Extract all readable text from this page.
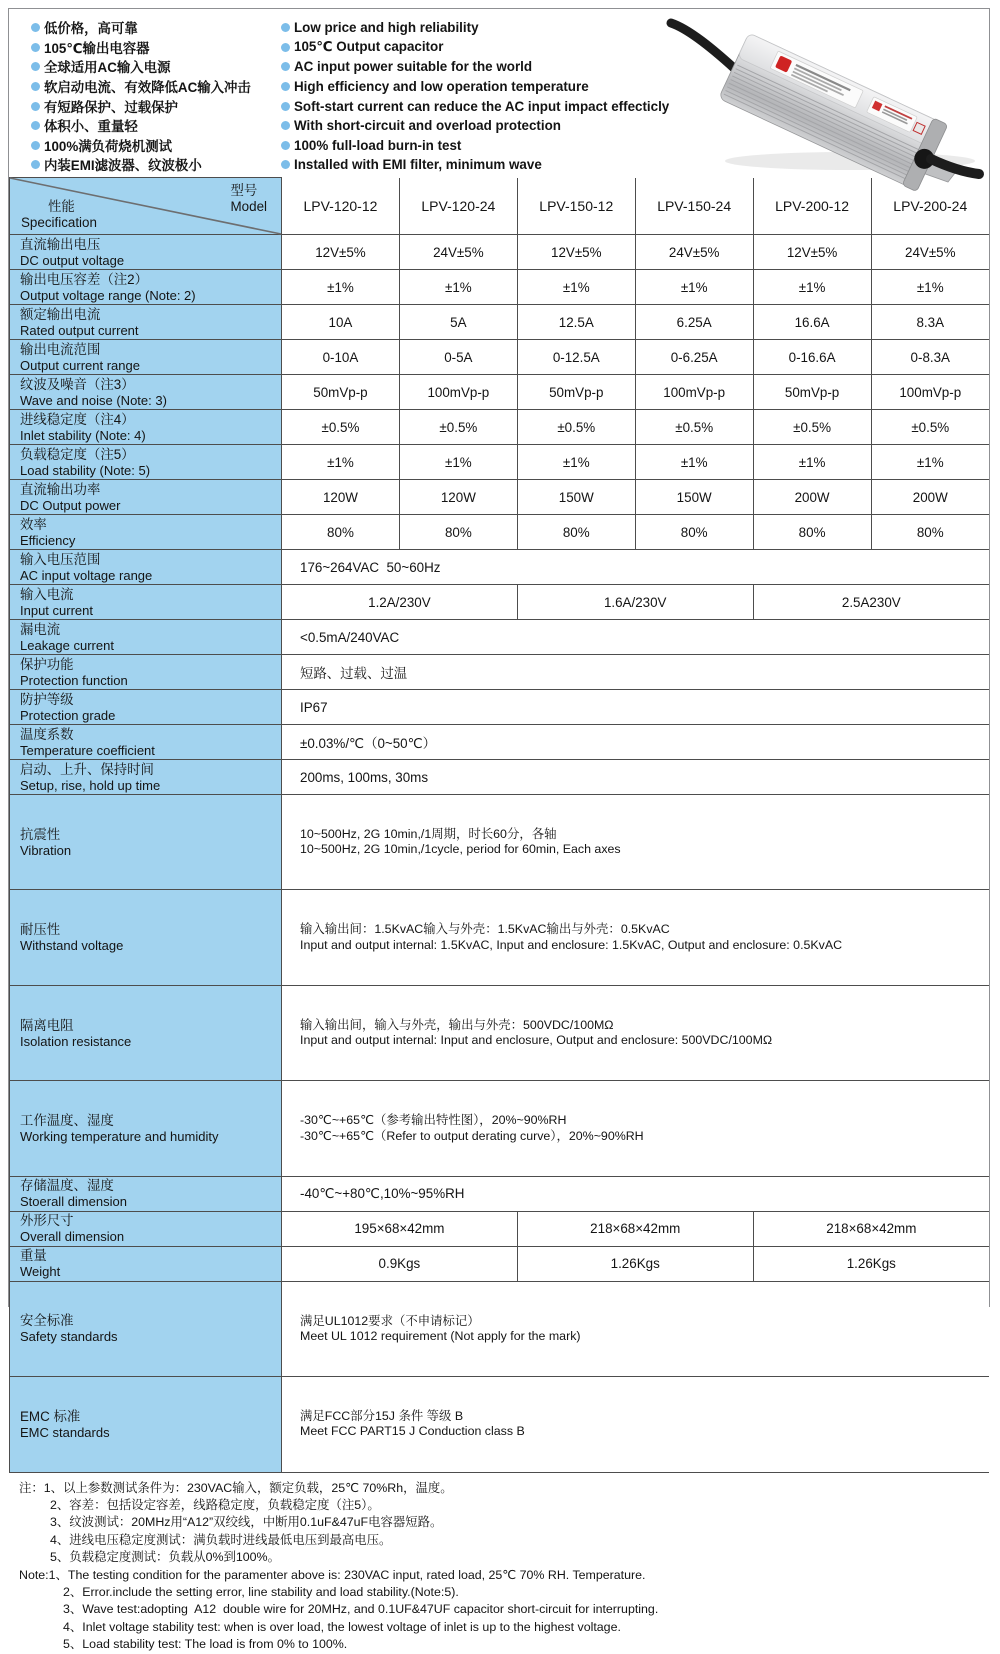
低价格，高可靠
105℃输出电容器
全球适用AC输入电源
软启动电流、有效降低AC输入冲击
有短路保护、过载保护
体积小、重量轻
100%满负荷烧机测试
内装EMI滤波器、纹波极小
Low price and high reliability
105℃ Output capacitor
AC input power suitable for the world
High efficiency and low operation temperature
Soft-start current can reduce the AC input impact effecticly
With short-circuit and overload protection
100% full-load burn-in test
Installed with EMI filter, minimum wave
型号
Model
性能
Specification	LPV-120-12	LPV-120-24	LPV-150-12	LPV-150-24	LPV-200-12	LPV-200-24

直流输出电压
DC output voltage	12V±5%	24V±5%	12V±5%	24V±5%	12V±5%	24V±5%

输出电压容差（注2）
Output voltage range (Note: 2)	±1%	±1%	±1%	±1%	±1%	±1%

额定输出电流
Rated output current	10A	5A	12.5A	6.25A	16.6A	8.3A

输出电流范围
Output current range	0-10A	0-5A	0-12.5A	0-6.25A	0-16.6A	0-8.3A

纹波及噪音（注3）
Wave and noise (Note: 3)	50mVp-p	100mVp-p	50mVp-p	100mVp-p	50mVp-p	100mVp-p

进线稳定度（注4）
Inlet stability (Note: 4)	±0.5%	±0.5%	±0.5%	±0.5%	±0.5%	±0.5%

负载稳定度（注5）
Load stability (Note: 5)	±1%	±1%	±1%	±1%	±1%	±1%

直流输出功率
DC Output power	120W	120W	150W	150W	200W	200W

效率
Efficiency	80%	80%	80%	80%	80%	80%

输入电压范围
AC input voltage range	176~264VAC  50~60Hz					

输入电流
Input current	1.2A/230V		1.6A/230V		2.5A230V	

漏电流
Leakage current	<0.5mA/240VAC					

保护功能
Protection function	短路、过载、过温					

防护等级
Protection grade	IP67					

温度系数
Temperature coefficient	±0.03%/℃（0~50℃）					

启动、上升、保持时间
Setup, rise, hold up time	200ms, 100ms, 30ms					

抗震性
Vibration

10~500Hz, 2G 10min,/1周期，时长60分，各轴
10~500Hz, 2G 10min,/1cycle, period for 60min, Each axes

耐压性
Withstand voltage

输入输出间：1.5KvAC输入与外壳：1.5KvAC输出与外壳：0.5KvAC
Input and output internal: 1.5KvAC, Input and enclosure: 1.5KvAC, Output and enclosure: 0.5KvAC

隔离电阻
Isolation resistance

输入输出间，输入与外壳，输出与外壳：500VDC/100MΩ
Input and output internal: Input and enclosure, Output and enclosure: 500VDC/100MΩ

工作温度、湿度
Working temperature and humidity

-30℃~+65℃（参考输出特性图），20%~90%RH
-30℃~+65℃（Refer to output derating curve），20%~90%RH

存储温度、湿度
Stoerall dimension	-40℃~+80℃,10%~95%RH					

外形尺寸
Overall dimension	195×68×42mm		218×68×42mm		218×68×42mm	

重量
Weight	0.9Kgs		1.26Kgs		1.26Kgs	

安全标准
Safety standards

满足UL1012要求（不申请标记）
Meet UL 1012 requirement (Not apply for the mark)

EMC 标准
EMC standards

满足FCC部分15J 条件 等级 B
Meet FCC PART15 J Conduction class B

注：1、以上参数测试条件为：230VAC输入，额定负载，25℃ 70%Rh，温度。
2、容差：包括设定容差，线路稳定度，负载稳定度（注5）。
3、纹波测试：20MHz用“A12”双绞线，中断用0.1uF&47uF电容器短路。
4、进线电压稳定度测试：满负载时进线最低电压到最高电压。
5、负载稳定度测试：负载从0%到100%。
Note:1、The testing condition for the paramenter above is: 230VAC input, rated load, 25℃ 70% RH. Temperature.
2、Error.include the setting error, line stability and load stability.(Note:5).
3、Wave test:adopting  A12  double wire for 20MHz, and 0.1UF&47UF capacitor short-circuit for interrupting.
4、Inlet voltage stability test: when is over load, the lowest voltage of inlet is up to the highest voltage.
5、Load stability test: The load is from 0% to 100%.
